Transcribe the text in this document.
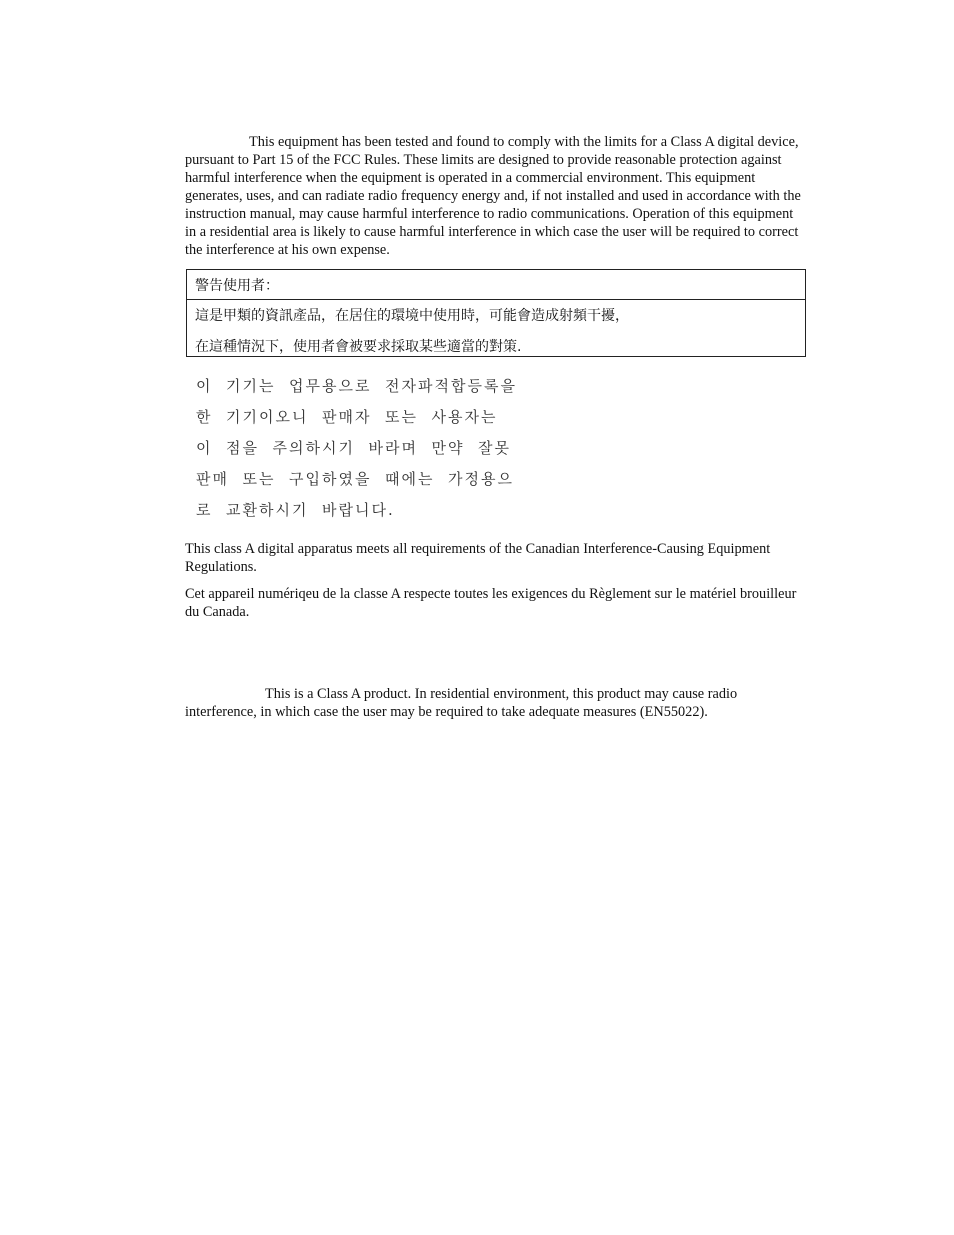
This equipment has been tested and found to comply with the limits for a Class A digital device, pursuant to Part 15 of the FCC Rules. These limits are designed to provide reasonable protection against harmful interference when the equipment is operated in a commercial environment. This equipment generates, uses, and can radiate radio frequency energy and, if not installed and used in accordance with the instruction manual, may cause harmful interference to radio communications. Operation of this equipment in a residential area is likely to cause harmful interference in which case the user will be required to correct the interference at his own expense.

警告使用者：
這是甲類的資訊產品，在居住的環境中使用時，可能會造成射頻干擾，
在這種情況下，使用者會被要求採取某些適當的對策.
이  기기는  업무용으로  전자파적합등록을
한  기기이오니  판매자  또는  사용자는
이  점을  주의하시기  바라며  만약  잘못
판매  또는  구입하였을  때에는  가정용으
로  교환하시기  바랍니다.

This class A digital apparatus meets all requirements of the Canadian Interference-Causing Equipment Regulations.

Cet appareil numériqeu de la classe A respecte toutes les exigences du Règlement sur le matériel brouilleur du Canada.

This is a Class A product. In residential environment, this product may cause radio interference, in which case the user may be required to take adequate measures (EN55022).
